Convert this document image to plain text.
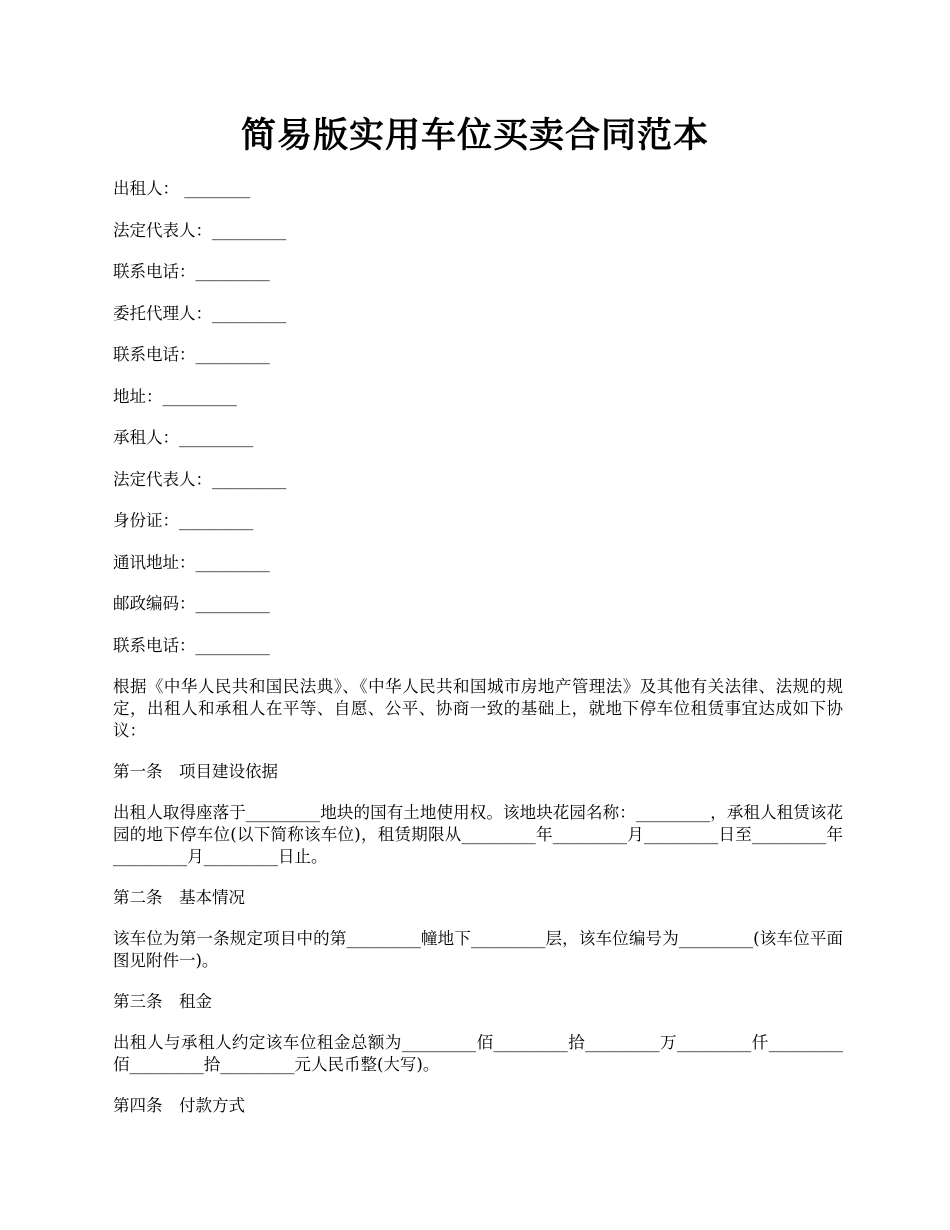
简易版实用车位买卖合同范本

出租人： ________

法定代表人：_________

联系电话：_________

委托代理人：_________

联系电话：_________

地址：_________

承租人：_________

法定代表人：_________

身份证：_________

通讯地址：_________

邮政编码：_________

联系电话：_________

根据《中华人民共和国民法典》、《中华人民共和国城市房地产管理法》及其他有关法律、法规的规定，出租人和承租人在平等、自愿、公平、协商一致的基础上，就地下停车位租赁事宜达成如下协议：

第一条　项目建设依据

出租人取得座落于_________地块的国有土地使用权。该地块花园名称：_________，承租人租赁该花园的地下停车位(以下简称该车位)，租赁期限从_________年_________月_________日至_________年_________月_________日止。

第二条　基本情况

该车位为第一条规定项目中的第_________幢地下_________层，该车位编号为_________(该车位平面图见附件一)。

第三条　租金

出租人与承租人约定该车位租金总额为_________佰_________拾_________万_________仟_________佰_________拾_________元人民币整(大写)。

第四条　付款方式
